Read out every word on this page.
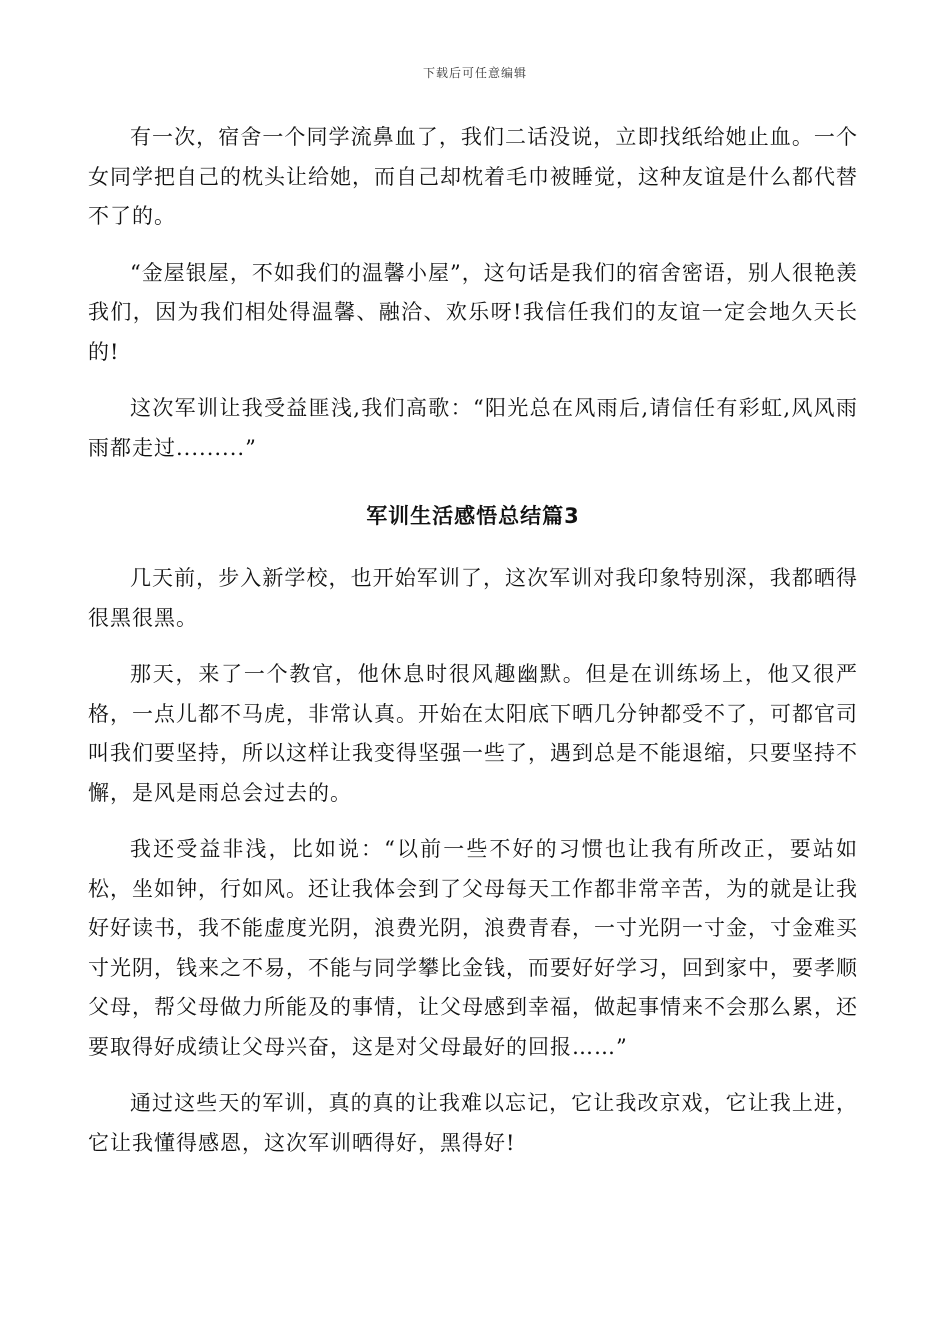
下载后可任意编辑

有一次，宿舍一个同学流鼻血了，我们二话没说，立即找纸给她止血。一个女同学把自己的枕头让给她，而自己却枕着毛巾被睡觉，这种友谊是什么都代替不了的。

“金屋银屋，不如我们的温馨小屋”，这句话是我们的宿舍密语，别人很艳羡我们，因为我们相处得温馨、融洽、欢乐呀!我信任我们的友谊一定会地久天长的!

这次军训让我受益匪浅,我们高歌：“阳光总在风雨后,请信任有彩虹,风风雨雨都走过.........”

军训生活感悟总结篇3

几天前，步入新学校，也开始军训了，这次军训对我印象特别深，我都晒得很黑很黑。

那天，来了一个教官，他休息时很风趣幽默。但是在训练场上，他又很严格，一点儿都不马虎，非常认真。开始在太阳底下晒几分钟都受不了，可都官司叫我们要坚持，所以这样让我变得坚强一些了，遇到总是不能退缩，只要坚持不懈，是风是雨总会过去的。

我还受益非浅，比如说：“以前一些不好的习惯也让我有所改正，要站如松，坐如钟，行如风。还让我体会到了父母每天工作都非常辛苦，为的就是让我好好读书，我不能虚度光阴，浪费光阴，浪费青春，一寸光阴一寸金，寸金难买寸光阴，钱来之不易，不能与同学攀比金钱，而要好好学习，回到家中，要孝顺父母，帮父母做力所能及的事情，让父母感到幸福，做起事情来不会那么累，还要取得好成绩让父母兴奋，这是对父母最好的回报……”

通过这些天的军训，真的真的让我难以忘记，它让我改京戏，它让我上进，它让我懂得感恩，这次军训晒得好，黑得好!
